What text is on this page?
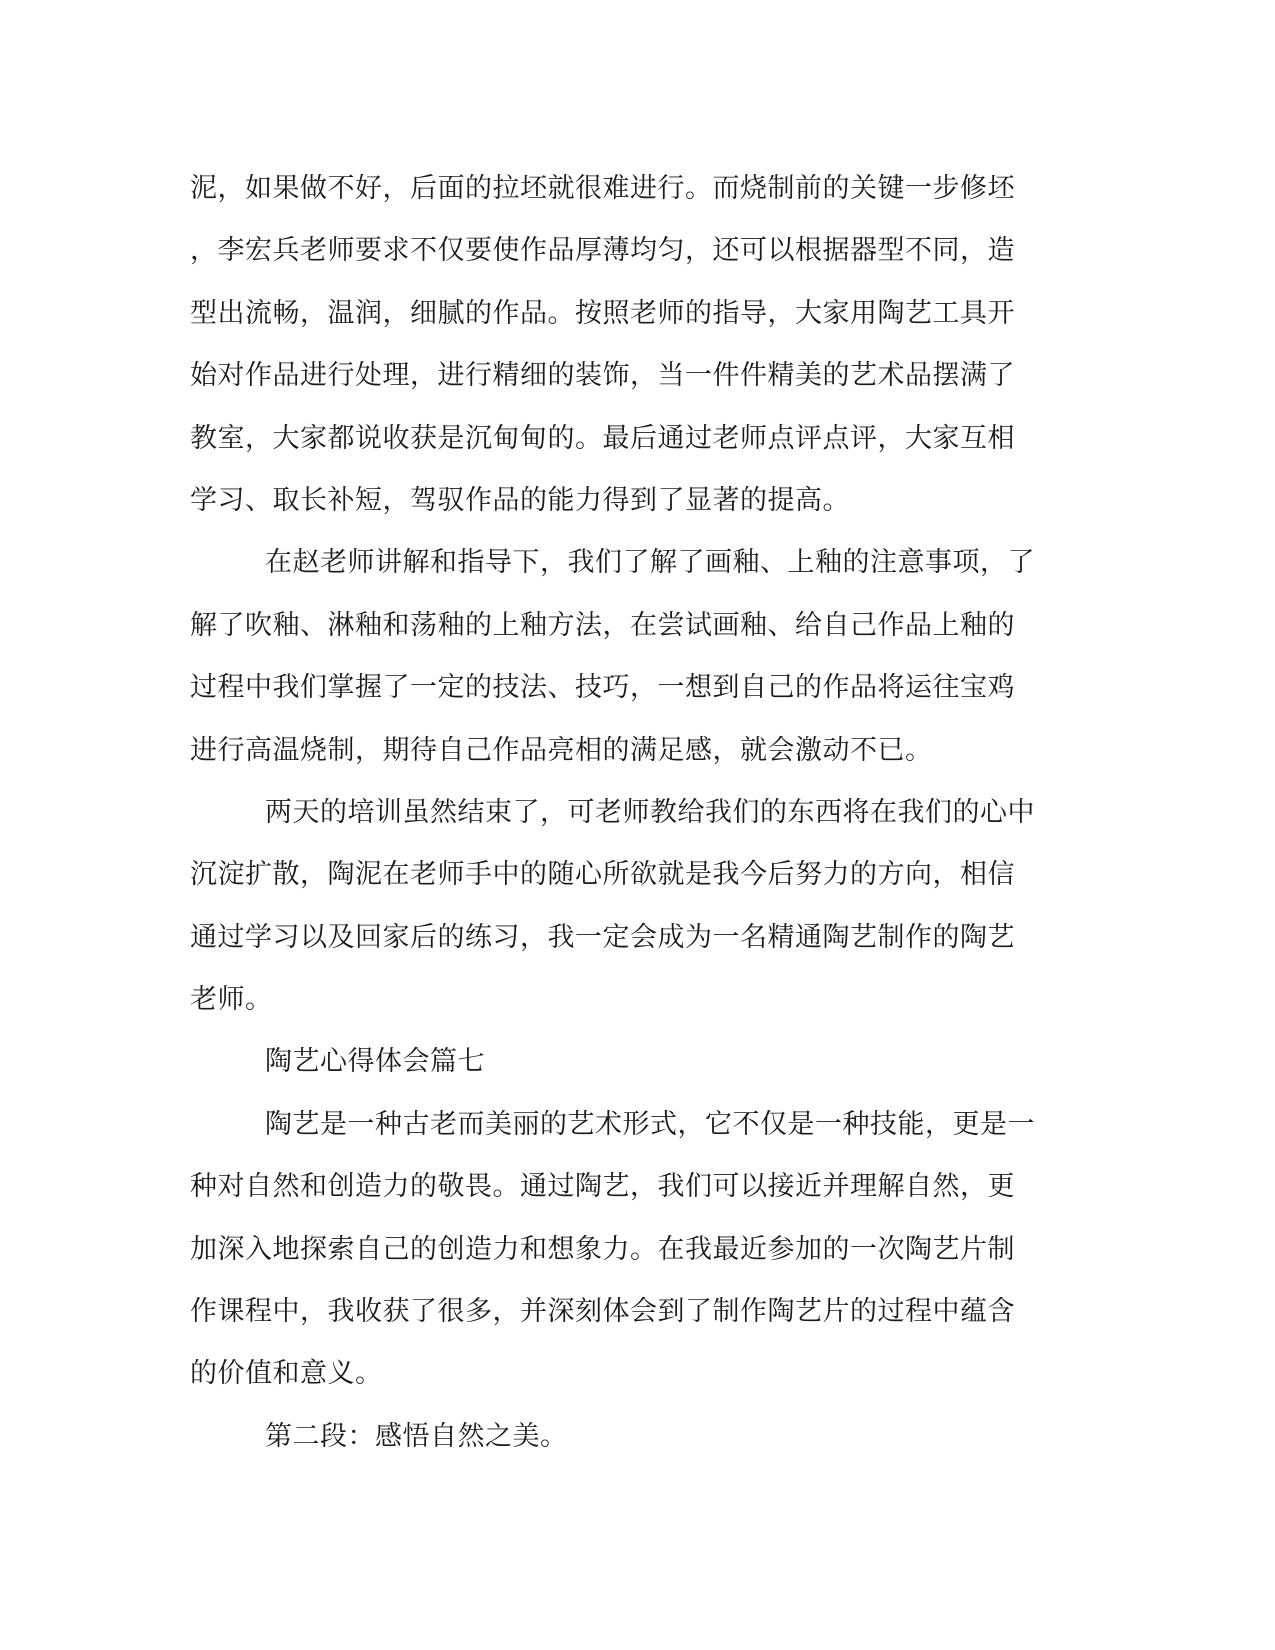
泥，如果做不好，后面的拉坯就很难进行。而烧制前的关键一步修坯
，李宏兵老师要求不仅要使作品厚薄均匀，还可以根据器型不同，造
型出流畅，温润，细腻的作品。按照老师的指导，大家用陶艺工具开
始对作品进行处理，进行精细的装饰，当一件件精美的艺术品摆满了
教室，大家都说收获是沉甸甸的。最后通过老师点评点评，大家互相
学习、取长补短，驾驭作品的能力得到了显著的提高。
在赵老师讲解和指导下，我们了解了画釉、上釉的注意事项，了
解了吹釉、淋釉和荡釉的上釉方法，在尝试画釉、给自己作品上釉的
过程中我们掌握了一定的技法、技巧，一想到自己的作品将运往宝鸡
进行高温烧制，期待自己作品亮相的满足感，就会激动不已。
两天的培训虽然结束了，可老师教给我们的东西将在我们的心中
沉淀扩散，陶泥在老师手中的随心所欲就是我今后努力的方向，相信
通过学习以及回家后的练习，我一定会成为一名精通陶艺制作的陶艺
老师。
陶艺心得体会篇七
陶艺是一种古老而美丽的艺术形式，它不仅是一种技能，更是一
种对自然和创造力的敬畏。通过陶艺，我们可以接近并理解自然，更
加深入地探索自己的创造力和想象力。在我最近参加的一次陶艺片制
作课程中，我收获了很多，并深刻体会到了制作陶艺片的过程中蕴含
的价值和意义。
第二段：感悟自然之美。
